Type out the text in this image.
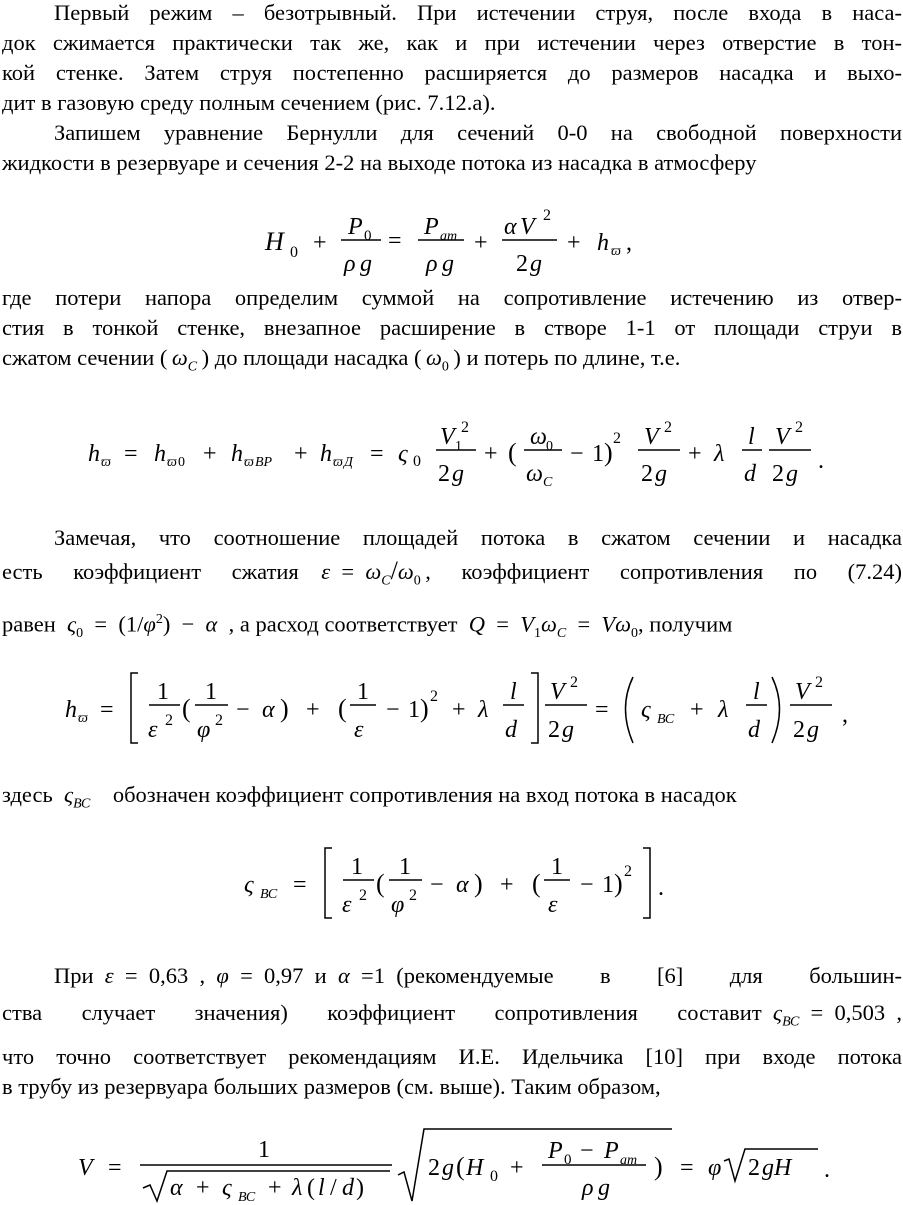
Первый режим – безотрывный. При истечении струя, после входа в наса-
док сжимается практически так же, как и при истечении через отверстие в тон-
кой стенке. Затем струя постепенно расширяется до размеров насадка и выхо-
дит в газовую среду полным сечением (рис. 7.12.а).
Запишем уравнение Бернулли для сечений 0-0 на свободной поверхности
жидкости в резервуаре и сечения 2-2 на выходе потока из насадка в атмосферу
H 0 +
P 0
ρ g
=
P ат
ρ g
+
α V 2
2 g
+ h ϖ ,
где потери напора определим суммой на сопротивление истечению из отвер-
стия в тонкой стенке, внезапное расширение в створе 1-1 от площади струи в
сжатом сечении (  $\omega_C$  ) до площади насадка (  $\omega_0$  ) и потерь по длине, т.е.
h ϖ = h ϖ 0 + h ϖ ВР + h ϖ Д = ς 0
V 1
2
2 g
+ (
ω 0
ω C
− 1 ) 2 V 2
2 g
+ λ
l
d
V 2
2 g .
Замечая, что соотношение площадей потока в сжатом сечении и насадка
есть коэффициент сжатия  ε  =  $\omega_C/\omega_0$  , коэффициент сопротивления по (7.24)
равен  $\varsigma_0$  = $(1/\varphi^2)$ −  α  , а расход соответствует  Q  =  $V_1\omega_C$  =  $V\omega_0$, получим
h ϖ =
1
ε 2 (
1
φ 2 − α ) + (
1
ε
− 1 ) 2
+ λ
l
d
V 2
2 g
= ς ВС + λ
l
d
V 2
2 g
,
здесь  $\varsigma_{ВС}$  обозначен коэффициент сопротивления на вход потока в насадок
ς ВС =
1
ε 2 (
1
φ 2 − α ) + (
1
ε
− 1 ) 2
.
При  ε  =  0,63  ,  φ  =  0,97  и  α  =1  (рекомендуемые в [6] для большин-
ства случает значения) коэффициент сопротивления составит  $\varsigma_{ВС}$  =  0,503  ,
что точно соответствует рекомендациям И.Е. Идельчика [10] при входе потока
в трубу из резервуара больших размеров (см. выше). Таким образом,
V =
1
α + ς ВС + λ ( l / d )
2 g ( H 0 +
P 0 − P ат
ρ g
) = φ 2 gH .
